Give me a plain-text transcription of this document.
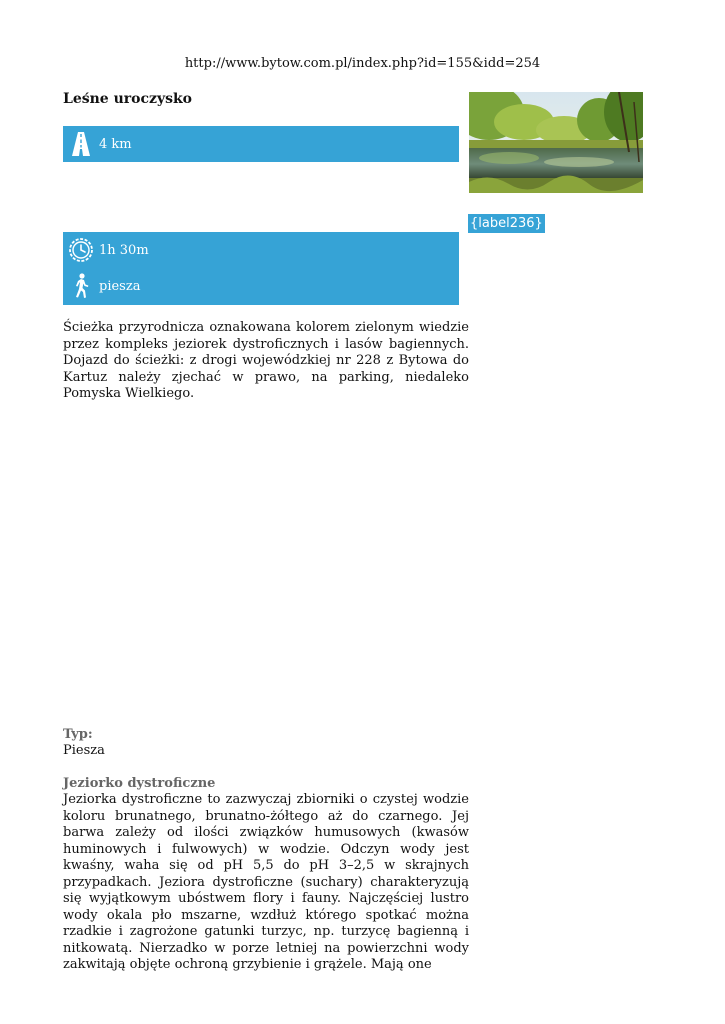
http://www.bytow.com.pl/index.php?id=155&idd=254
Leśne uroczysko
4 km
{label236}
1h 30m
piesza
Ścieżka przyrodnicza oznakowana kolorem zielonym wiedzie przez kompleks jeziorek dystroficznych i lasów bagiennych. Dojazd do ścieżki: z drogi wojewódzkiej nr 228 z Bytowa do Kartuz należy zjechać w prawo, na parking, niedaleko Pomyska Wielkiego.
Typ:
Piesza
Jeziorko dystroficzne
Jeziorka dystroficzne to zazwyczaj zbiorniki o czystej wodzie koloru brunatnego, brunatno-żółtego aż do czarnego. Jej barwa zależy od ilości związków humusowych (kwasów huminowych i fulwowych) w wodzie. Odczyn wody jest kwaśny, waha się od pH 5,5 do pH 3–2,5 w skrajnych przypadkach. Jeziora dystroficzne (suchary) charakteryzują się wyjątkowym ubóstwem flory i fauny. Najczęściej lustro wody okala pło mszarne, wzdłuż którego spotkać można rzadkie i zagrożone gatunki turzyc, np. turzycę bagienną i nitkowatą. Nierzadko w porze letniej na powierzchni wody zakwitają objęte ochroną grzybienie i grążele. Mają one
